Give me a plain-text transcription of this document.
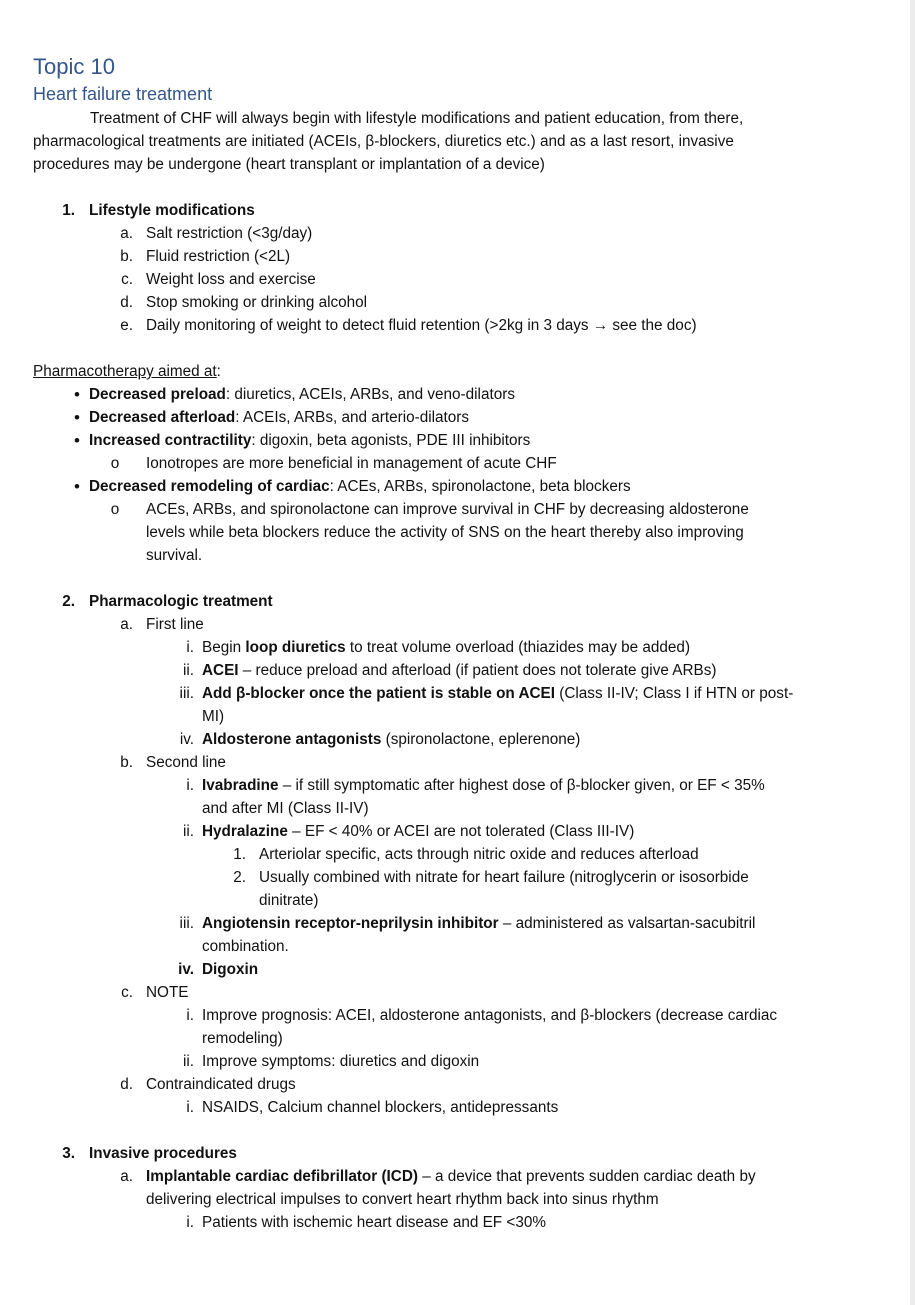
Topic 10
Heart failure treatment
Treatment of CHF will always begin with lifestyle modifications and patient education, from there,
pharmacological treatments are initiated (ACEIs, β-blockers, diuretics etc.) and as a last resort, invasive
procedures may be undergone (heart transplant or implantation of a device)
1. Lifestyle modifications
a. Salt restriction (<3g/day)
b. Fluid restriction (<2L)
c. Weight loss and exercise
d. Stop smoking or drinking alcohol
e. Daily monitoring of weight to detect fluid retention (>2kg in 3 days → see the doc)
Pharmacotherapy aimed at:
• Decreased preload: diuretics, ACEIs, ARBs, and veno-dilators
• Decreased afterload: ACEIs, ARBs, and arterio-dilators
• Increased contractility: digoxin, beta agonists, PDE III inhibitors
o	Ionotropes are more beneficial in management of acute CHF
• Decreased remodeling of cardiac: ACEs, ARBs, spironolactone, beta blockers
o	ACEs, ARBs, and spironolactone can improve survival in CHF by decreasing aldosterone
levels while beta blockers reduce the activity of SNS on the heart thereby also improving
survival.
2. Pharmacologic treatment
a. First line
i. Begin loop diuretics to treat volume overload (thiazides may be added)
ii. ACEI – reduce preload and afterload (if patient does not tolerate give ARBs)
iii. Add β-blocker once the patient is stable on ACEI (Class II-IV; Class I if HTN or post-
MI)
iv. Aldosterone antagonists (spironolactone, eplerenone)
b. Second line
i. Ivabradine – if still symptomatic after highest dose of β-blocker given, or EF < 35%
and after MI (Class II-IV)
ii. Hydralazine – EF < 40% or ACEI are not tolerated (Class III-IV)
1. Arteriolar specific, acts through nitric oxide and reduces afterload
2. Usually combined with nitrate for heart failure (nitroglycerin or isosorbide
dinitrate)
iii. Angiotensin receptor-neprilysin inhibitor – administered as valsartan-sacubitril
combination.
iv. Digoxin
c. NOTE
i. Improve prognosis: ACEI, aldosterone antagonists, and β-blockers (decrease cardiac
remodeling)
ii. Improve symptoms: diuretics and digoxin
d. Contraindicated drugs
i. NSAIDS, Calcium channel blockers, antidepressants
3. Invasive procedures
a. Implantable cardiac defibrillator (ICD) – a device that prevents sudden cardiac death by
delivering electrical impulses to convert heart rhythm back into sinus rhythm
i. Patients with ischemic heart disease and EF <30%
